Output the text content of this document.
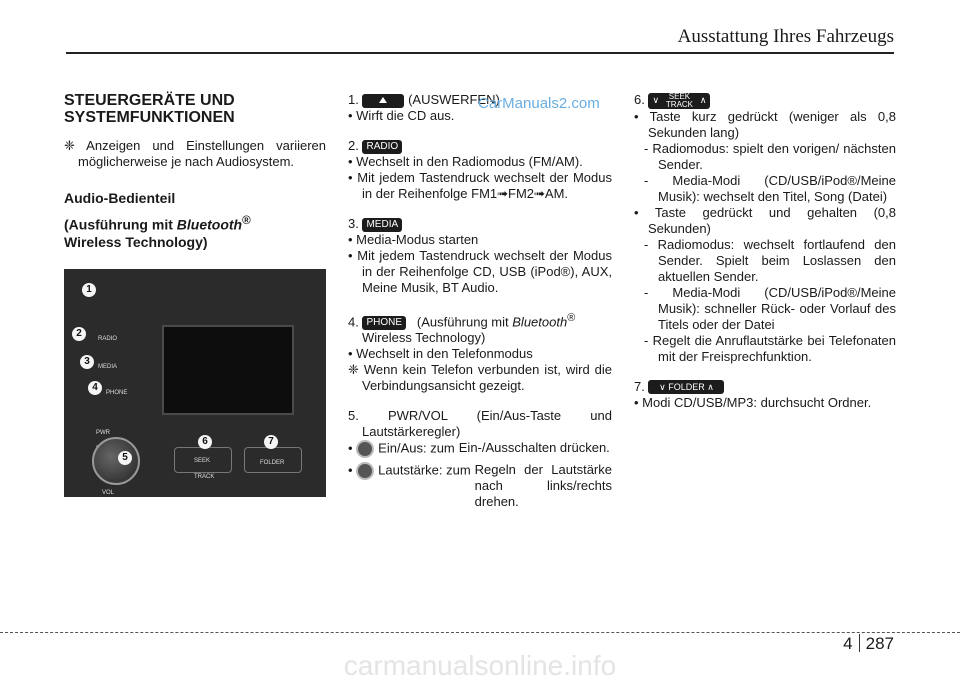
Ausstattung Ihres Fahrzeugs
STEUERGERÄTE UND SYSTEMFUNKTIONEN

❈ Anzeigen und Einstellungen variieren möglicherweise je nach Audiosystem.

Audio-Bedienteil
(Ausführung mit Bluetooth®
Wireless Technology)
RADIO
MEDIA
PHONE
PWR
VOL
SEEK TRACK
FOLDER
1
2
3
4
5
6	7

1.	(AUSWERFEN)

• Wirft die CD aus.

2. RADIO

• Wechselt in den Radiomodus (FM/AM).

• Mit jedem Tastendruck wechselt der Modus in der Reihenfolge FM1➟FM2➟AM.

3. MEDIA

• Media-Modus starten

• Mit jedem Tastendruck wechselt der Modus in der Reihenfolge CD, USB (iPod®), AUX, Meine Musik, BT Audio.

4. PHONE (Ausführung mit Bluetooth®

Wireless Technology)

• Wechselt in den Telefonmodus

❈ Wenn kein Telefon verbunden ist, wird die Verbindungsansicht gezeigt.

5. PWR/VOL (Ein/Aus-Taste und Lautstärkeregler)

• Ein/Aus: zum Ein-/Ausschalten drücken.
• Lautstärke: zum Regeln der Lautstärke nach links/rechts drehen.
CarManuals2.com	6. ∨	SEEK
TRACK ∧

• Taste kurz gedrückt (weniger als 0,8 Sekunden lang)

- Radiomodus: spielt den vorigen/ nächsten Sender.

- Media-Modi (CD/USB/iPod®/Meine Musik): wechselt den Titel, Song (Datei)

• Taste gedrückt und gehalten (0,8 Sekunden)

- Radiomodus: wechselt fortlaufend den Sender. Spielt beim Loslassen den aktuellen Sender.

- Media-Modi (CD/USB/iPod®/Meine Musik): schneller Rück- oder Vorlauf des Titels oder der Datei

- Regelt die Anruflautstärke bei Telefonaten mit der Freisprechfunktion.

7. ∨ FOLDER ∧

• Modi CD/USB/MP3: durchsucht Ordner.

4 287
carmanualsonline.info
